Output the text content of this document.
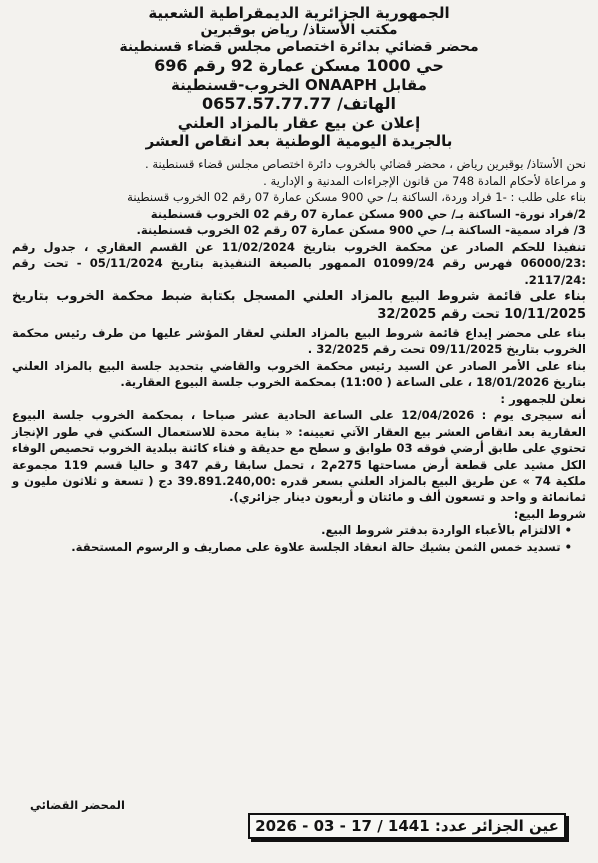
الجمهورية الجزائرية الديمقراطية الشعبية
مكتب الأستاذ/ رياض بوقبرين
محضر قضائي بدائرة اختصاص مجلس قضاء قسنطينة
حي 1000 مسكن عمارة 92 رقم 696
مقابل ONAAPH الخروب-قسنطينة
الهاتف/ 0657.57.77.77
إعلان عن بيع عقار بالمزاد العلني
بالجريدة اليومية الوطنية بعد انقاص العشر

نحن الأستاذ/ بوقبرين رياض ، محضر قضائي بالخروب دائرة اختصاص مجلس قضاء قسنطينة .

و مراعاة لأحكام المادة 748 من قانون الإجراءات المدنية و الإدارية .

بناء على طلب : -1 فراد وردة، الساكنة بـ/ حي 900 مسكن عمارة 07 رقم 02 الخروب قسنطينة

2/فراد نورة- الساكنة بـ/ حي 900 مسكن عمارة 07 رقم 02 الخروب قسنطينة

3/ فراد سمية- الساكنة بـ/ حي 900 مسكن عمارة 07 رقم 02 الخروب قسنطينة.

تنفيذا للحكم الصادر عن محكمة الخروب بتاريخ 11/02/2024 عن القسم العقاري ، جدول رقم :06000/23 فهرس رقم 01099/24 الممهور بالصيغة التنفيذية بتاريخ 05/11/2024 - تحت رقم :2117/24.

بناء على قائمة شروط البيع بالمزاد العلني المسجل بكتابة ضبط محكمة الخروب بتاريخ 10/11/2025 تحت رقم 32/2025

بناء على محضر إيداع قائمة شروط البيع بالمزاد العلني لعقار المؤشر عليها من طرف رئيس محكمة الخروب بتاريخ 09/11/2025 تحت رقم 32/2025 .

بناء على الأمر الصادر عن السيد رئيس محكمة الخروب والقاضي بتحديد جلسة البيع بالمزاد العلني بتاريخ 18/01/2026 ، على الساعة ( 11:00) بمحكمة الخروب جلسة البيوع العقارية.

نعلن للجمهور :

أنه سيجرى يوم : 12/04/2026 على الساعة الحادية عشر صباحا ، بمحكمة الخروب جلسة البيوع العقارية بعد انقاص العشر بيع العقار الآتي تعيينه: « بناية محدة للاستعمال السكني في طور الإنجاز تحتوي على طابق أرضي فوقه 03 طوابق و سطح مع حديقة و فناء كائنة ببلدية الخروب تحصيص الوفاء الكل مشيد على قطعة أرض مساحتها 275م2 ، تحمل سابقا رقم 347 و حاليا قسم 119 مجموعة ملكية 74 » عن طريق البيع بالمزاد العلني بسعر قدره :39.891.240,00 دج ( تسعة و ثلاثون مليون و ثمانمائة و واحد و تسعون ألف و مائتان و أربعون دينار جزائري).

شروط البيع:

• الالتزام بالأعباء الواردة بدفتر شروط البيع.
• تسديد خمس الثمن بشيك حالة انعقاد الجلسة علاوة على مصاريف و الرسوم المستحقة.
المحضر القضائي
عين الجزائر عدد: 1441 / 17 - 03 - 2026
